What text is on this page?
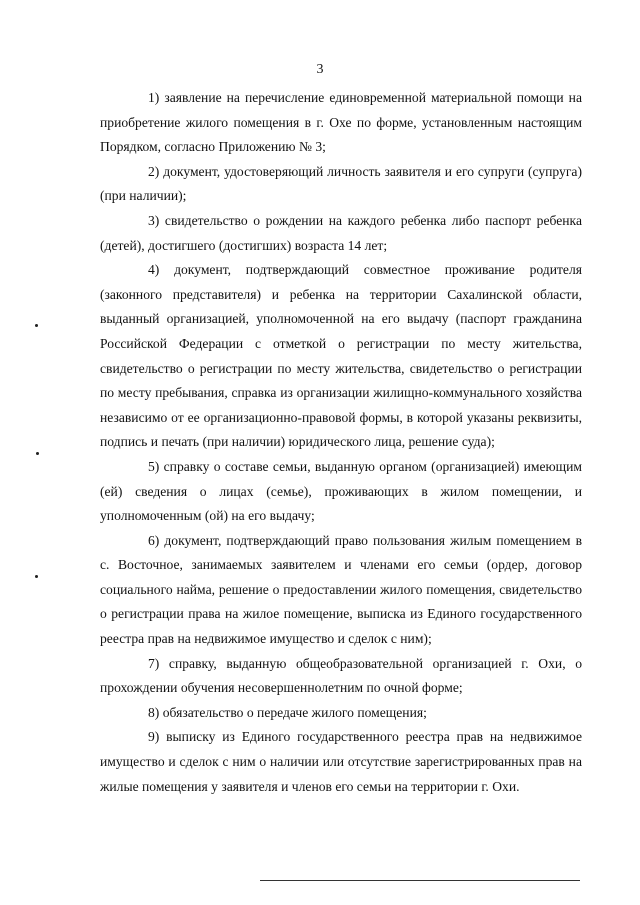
3

1) заявление на перечисление единовременной материальной помощи на приобретение жилого помещения в г. Охе по форме, установленным настоящим Порядком, согласно Приложению № 3;

2) документ, удостоверяющий личность заявителя и его супруги (супруга) (при наличии);

3) свидетельство о рождении на каждого ребенка либо паспорт ребенка (детей), достигшего (достигших) возраста 14 лет;

4) документ, подтверждающий совместное проживание родителя (законного представителя) и ребенка на территории Сахалинской области, выданный организацией, уполномоченной на его выдачу (паспорт гражданина Российской Федерации с отметкой о регистрации по месту жительства, свидетельство о регистрации по месту жительства, свидетельство о регистрации по месту пребывания, справка из организации жилищно-коммунального хозяйства независимо от ее организационно-правовой формы, в которой указаны реквизиты, подпись и печать (при наличии) юридического лица, решение суда);

5) справку о составе семьи, выданную органом (организацией) имеющим (ей) сведения о лицах (семье), проживающих в жилом помещении, и уполномоченным (ой) на его выдачу;

6) документ, подтверждающий право пользования жилым помещением в с. Восточное, занимаемых заявителем и членами его семьи (ордер, договор социального найма, решение о предоставлении жилого помещения, свидетельство о регистрации права на жилое помещение, выписка из Единого государственного реестра прав на недвижимое имущество и сделок с ним);

7) справку, выданную общеобразовательной организацией г. Охи, о прохождении обучения несовершеннолетним по очной форме;

8) обязательство о передаче жилого помещения;

9) выписку из Единого государственного реестра прав на недвижимое имущество и сделок с ним о наличии или отсутствие зарегистрированных прав на жилые помещения у заявителя и членов его семьи на территории г. Охи.
